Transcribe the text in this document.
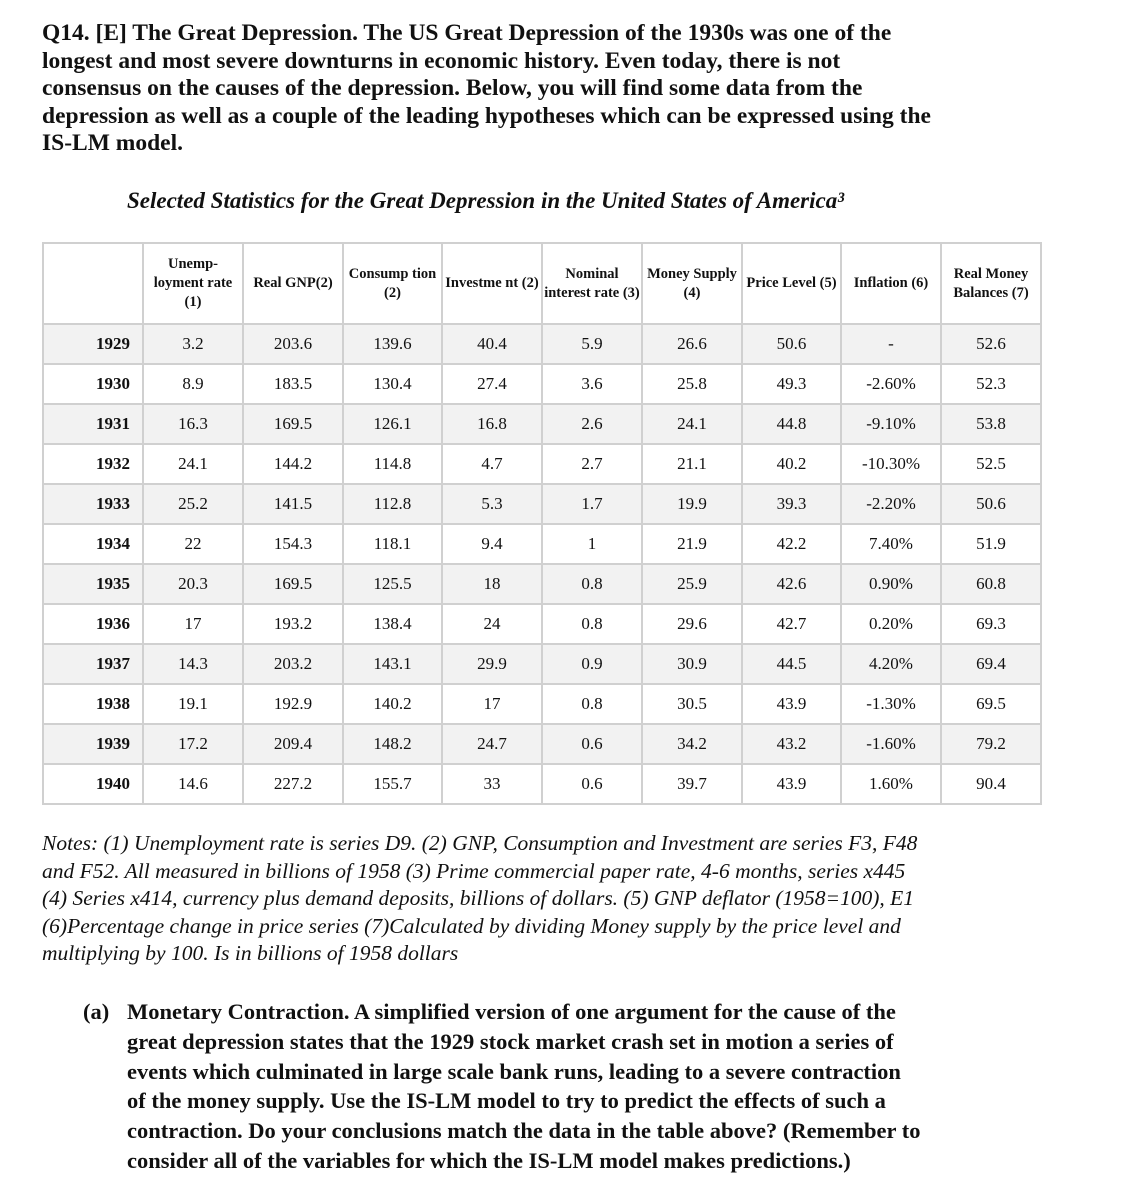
Q14. [E] The Great Depression. The US Great Depression of the 1930s was one of the
longest and most severe downturns in economic history. Even today, there is not
consensus on the causes of the depression. Below, you will find some data from the
depression as well as a couple of the leading hypotheses which can be expressed using the
IS-LM model.
Selected Statistics for the Great Depression in the United States of America³
	Unemp-loyment rate (1)	Real GNP(2)	Consump tion (2)	Investme nt (2)	Nominal interest rate (3)	Money Supply (4)	Price Level (5)	Inflation (6)	Real Money Balances (7)
1929	3.2	203.6	139.6	40.4	5.9	26.6	50.6	-	52.6
1930	8.9	183.5	130.4	27.4	3.6	25.8	49.3	-2.60%	52.3
1931	16.3	169.5	126.1	16.8	2.6	24.1	44.8	-9.10%	53.8
1932	24.1	144.2	114.8	4.7	2.7	21.1	40.2	-10.30%	52.5
1933	25.2	141.5	112.8	5.3	1.7	19.9	39.3	-2.20%	50.6
1934	22	154.3	118.1	9.4	1	21.9	42.2	7.40%	51.9
1935	20.3	169.5	125.5	18	0.8	25.9	42.6	0.90%	60.8
1936	17	193.2	138.4	24	0.8	29.6	42.7	0.20%	69.3
1937	14.3	203.2	143.1	29.9	0.9	30.9	44.5	4.20%	69.4
1938	19.1	192.9	140.2	17	0.8	30.5	43.9	-1.30%	69.5
1939	17.2	209.4	148.2	24.7	0.6	34.2	43.2	-1.60%	79.2
1940	14.6	227.2	155.7	33	0.6	39.7	43.9	1.60%	90.4
Notes: (1) Unemployment rate is series D9. (2) GNP, Consumption and Investment are series F3, F48
and F52. All measured in billions of 1958 (3) Prime commercial paper rate, 4-6 months, series x445
(4) Series x414, currency plus demand deposits, billions of dollars. (5) GNP deflator (1958=100), E1
(6)Percentage change in price series (7)Calculated by dividing Money supply by the price level and
multiplying by 100. Is in billions of 1958 dollars
(a) Monetary Contraction. A simplified version of one argument for the cause of the
great depression states that the 1929 stock market crash set in motion a series of
events which culminated in large scale bank runs, leading to a severe contraction
of the money supply. Use the IS-LM model to try to predict the effects of such a
contraction. Do your conclusions match the data in the table above? (Remember to
consider all of the variables for which the IS-LM model makes predictions.)
